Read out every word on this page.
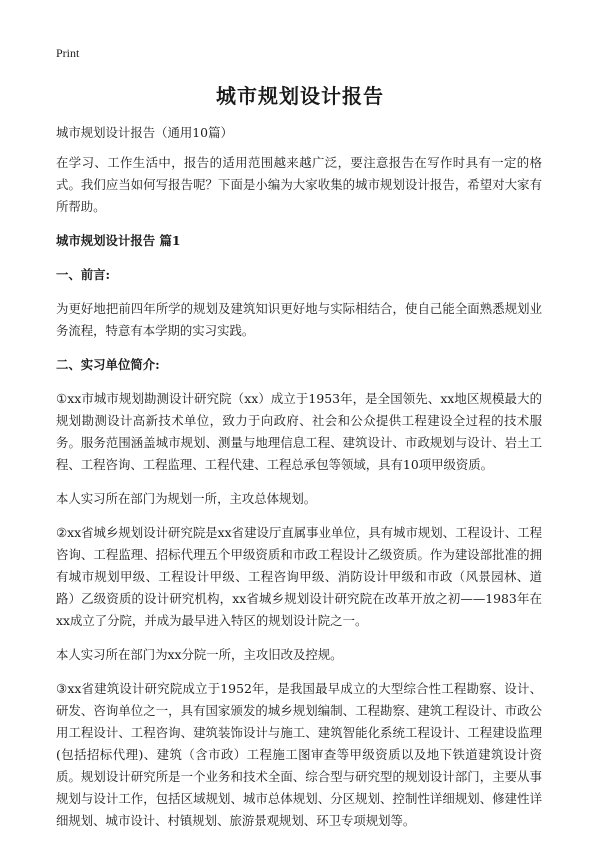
Print
城市规划设计报告

城市规划设计报告（通用10篇）

在学习、工作生活中，报告的适用范围越来越广泛，要注意报告在写作时具有一定的格式。我们应当如何写报告呢？下面是小编为大家收集的城市规划设计报告，希望对大家有所帮助。

城市规划设计报告 篇1

一、前言:

为更好地把前四年所学的规划及建筑知识更好地与实际相结合，使自己能全面熟悉规划业务流程，特意有本学期的实习实践。

二、实习单位简介:

①xx市城市规划勘测设计研究院（xx）成立于1953年，是全国领先、xx地区规模最大的规划勘测设计高新技术单位，致力于向政府、社会和公众提供工程建设全过程的技术服务。服务范围涵盖城市规划、测量与地理信息工程、建筑设计、市政规划与设计、岩土工程、工程咨询、工程监理、工程代建、工程总承包等领域，具有10项甲级资质。

本人实习所在部门为规划一所，主攻总体规划。

②xx省城乡规划设计研究院是xx省建设厅直属事业单位，具有城市规划、工程设计、工程咨询、工程监理、招标代理五个甲级资质和市政工程设计乙级资质。作为建设部批准的拥有城市规划甲级、工程设计甲级、工程咨询甲级、消防设计甲级和市政（风景园林、道路）乙级资质的设计研究机构，xx省城乡规划设计研究院在改革开放之初——1983年在xx成立了分院，并成为最早进入特区的规划设计院之一。

本人实习所在部门为xx分院一所，主攻旧改及控规。

③xx省建筑设计研究院成立于1952年，是我国最早成立的大型综合性工程勘察、设计、研发、咨询单位之一，具有国家颁发的城乡规划编制、工程勘察、建筑工程设计、市政公用工程设计、工程咨询、建筑装饰设计与施工、建筑智能化系统工程设计、工程建设监理(包括招标代理)、建筑（含市政）工程施工图审查等甲级资质以及地下铁道建筑设计资质。规划设计研究所是一个业务和技术全面、综合型与研究型的规划设计部门，主要从事规划与设计工作，包括区域规划、城市总体规划、分区规划、控制性详细规划、修建性详细规划、城市设计、村镇规划、旅游景观规划、环卫专项规划等。
